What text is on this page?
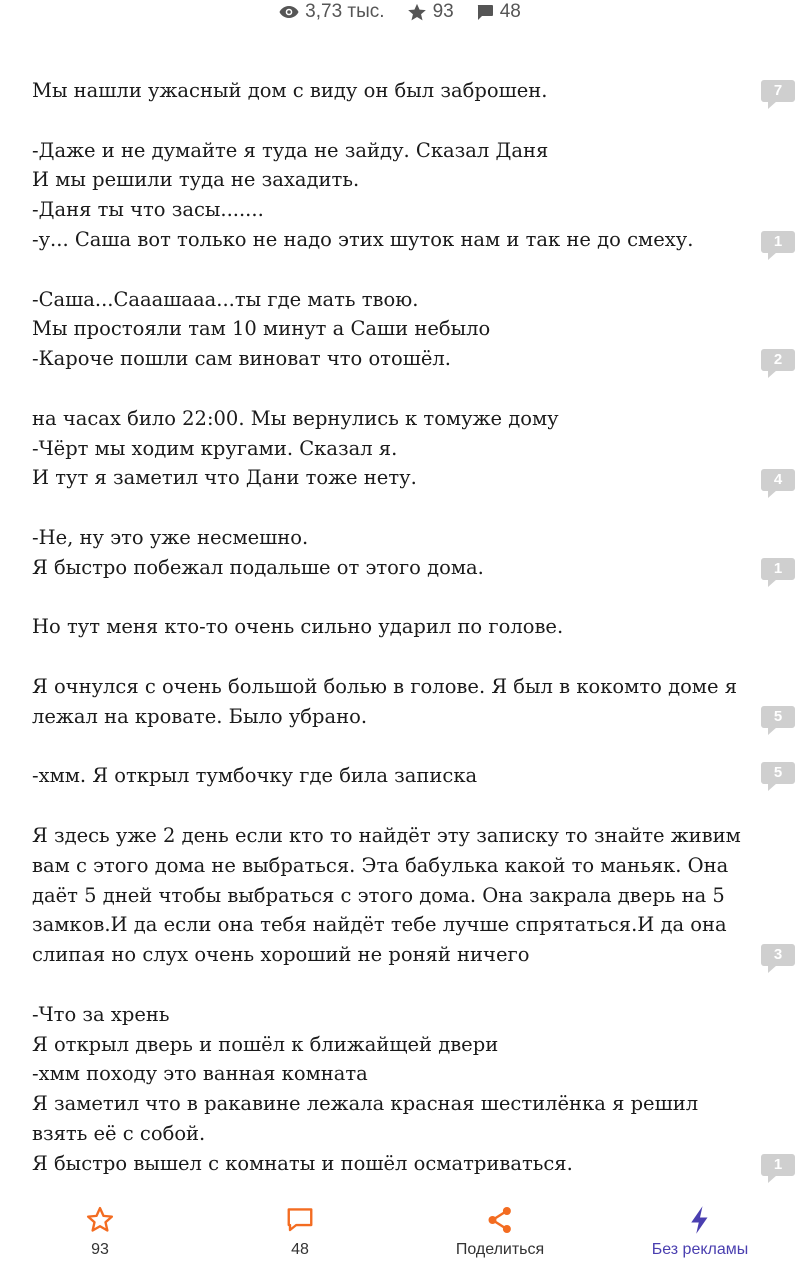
3,73 тыс.	93 48

Мы нашли ужасный дом с виду он был заброшен.

-Даже и не думайте я туда не зайду. Сказал Даня

И мы решили туда не захадить.

-Даня ты что засы.......

-у... Саша вот только не надо этих шуток нам и так не до смеху.

-Саша...Сааашааа...ты где мать твою.

Мы простояли там 10 минут а Саши небыло

-Кароче пошли сам виноват что отошёл.

на часах било 22:00. Мы вернулись к томуже дому

-Чёрт мы ходим кругами. Сказал я.

И тут я заметил что Дани тоже нету.

-Не, ну это уже несмешно.

Я быстро побежал подальше от этого дома.

Но тут меня кто-то очень сильно ударил по голове.

Я очнулся с очень большой болью в голове. Я был в кокомто доме я

лежал на кровате. Было убрано.

-хмм. Я открыл тумбочку где била записка

Я здесь уже 2 день если кто то найдёт эту записку то знайте живим

вам с этого дома не выбраться. Эта бабулька какой то маньяк. Она

даёт 5 дней чтобы выбраться с этого дома. Она закрала дверь на 5

замков.И да если она тебя найдёт тебе лучше спрятаться.И да она

слипая но слух очень хороший не роняй ничего

-Что за хрень

Я открыл дверь и пошёл к ближайщей двери

-хмм походу это ванная комната

Я заметил что в ракавине лежала красная шестилёнка я решил

взять её с собой.

Я быстро вышел с комнаты и пошёл осматриваться.

7
1
2
4
1
5
5
3
1
93	48	Поделиться	Без рекламы
